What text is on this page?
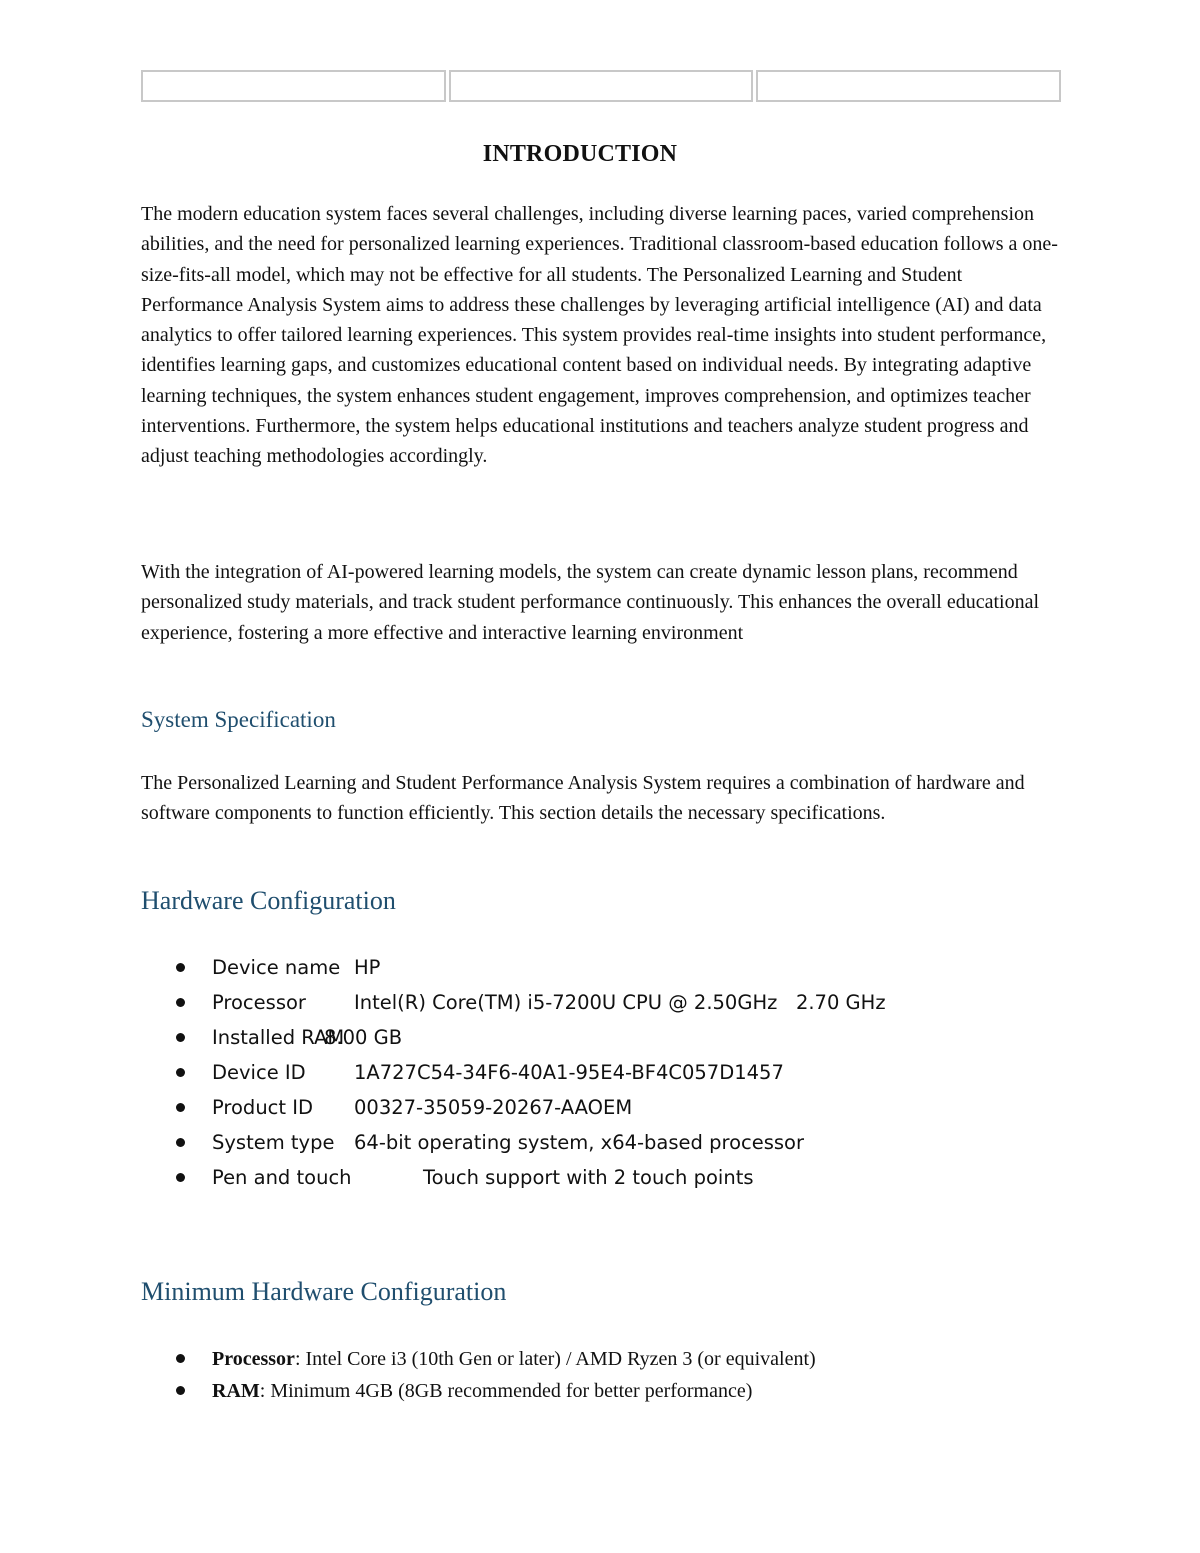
INTRODUCTION

The modern education system faces several challenges, including diverse learning paces, varied comprehension abilities, and the need for personalized learning experiences. Traditional classroom-based education follows a one-size-fits-all model, which may not be effective for all students. The Personalized Learning and Student Performance Analysis System aims to address these challenges by leveraging artificial intelligence (AI) and data analytics to offer tailored learning experiences. This system provides real-time insights into student performance, identifies learning gaps, and customizes educational content based on individual needs. By integrating adaptive learning techniques, the system enhances student engagement, improves comprehension, and optimizes teacher interventions. Furthermore, the system helps educational institutions and teachers analyze student progress and adjust teaching methodologies accordingly.

With the integration of AI-powered learning models, the system can create dynamic lesson plans, recommend personalized study materials, and track student performance continuously. This enhances the overall educational experience, fostering a more effective and interactive learning environment

System Specification

The Personalized Learning and Student Performance Analysis System requires a combination of hardware and software components to function efficiently. This section details the necessary specifications.

Hardware Configuration
Device name HP
Processor Intel(R) Core(TM) i5-7200U CPU @ 2.50GHz   2.70 GHz
Installed RAM
8.00 GB
Device ID 1A727C54-34F6-40A1-95E4-BF4C057D1457
Product ID 00327-35059-20267-AAOEM
System type 64-bit operating system, x64-based processor
Pen and touch	Touch support with 2 touch points
Minimum Hardware Configuration
Processor: Intel Core i3 (10th Gen or later) / AMD Ryzen 3 (or equivalent)
RAM: Minimum 4GB (8GB recommended for better performance)
